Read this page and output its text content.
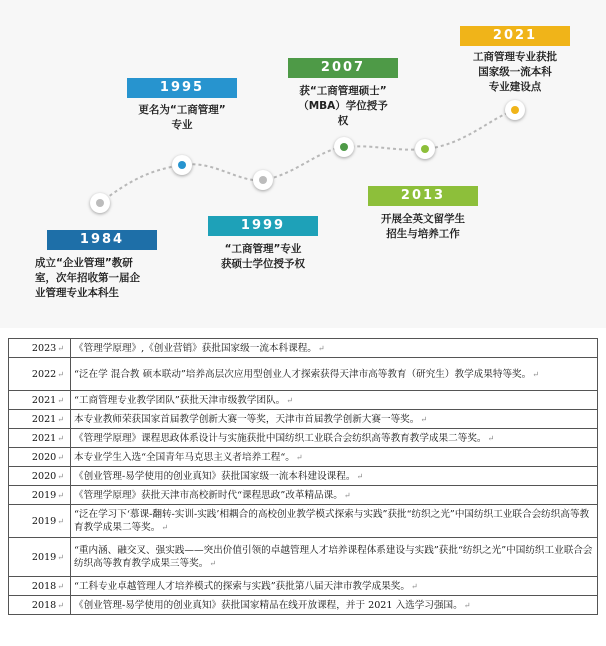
1984
成立“企业管理”教研
室，次年招收第一届企
业管理专业本科生
1995
更名为“工商管理”
专业
1999
“工商管理”专业
获硕士学位授予权
2007
获“工商管理硕士”
（MBA）学位授予
权
2013
开展全英文留学生
招生与培养工作
2021
工商管理专业获批
国家级一流本科
专业建设点
2023↵	《管理学原理》,《创业营销》获批国家级一流本科课程。↵
2022↵	“泛在学 混合教 硕本联动”培养高层次应用型创业人才探索获得天津市高等教育（研究生）教学成果特等奖。↵
2021↵	“工商管理专业教学团队”获批天津市级教学团队。↵
2021↵	本专业教师荣获国家首届教学创新大赛一等奖，天津市首届教学创新大赛一等奖。↵
2021↵	《管理学原理》课程思政体系设计与实施获批中国纺织工业联合会纺织高等教育教学成果二等奖。↵
2020↵	本专业学生入选“全国青年马克思主义者培养工程“。↵
2020↵	《创业管理-易学使用的创业真知》获批国家级一流本科建设课程。↵
2019↵	《管理学原理》获批天津市高校新时代“课程思政”改革精品课。↵
2019↵	“泛在学习下‘慕课-翻转-实训-实践’相耦合的高校创业教学模式探索与实践”获批“纺织之光”中国纺织工业联合会纺织高等教育教学成果二等奖。↵
2019↵	“重内涵、融交叉、强实践——突出价值引领的卓越管理人才培养课程体系建设与实践”获批“纺织之光”中国纺织工业联合会纺织高等教育教学成果三等奖。↵
2018↵	“工科专业卓越管理人才培养模式的探索与实践”获批第八届天津市教学成果奖。↵
2018↵	《创业管理-易学使用的创业真知》获批国家精品在线开放课程，并于 2021 入选学习强国。↵
